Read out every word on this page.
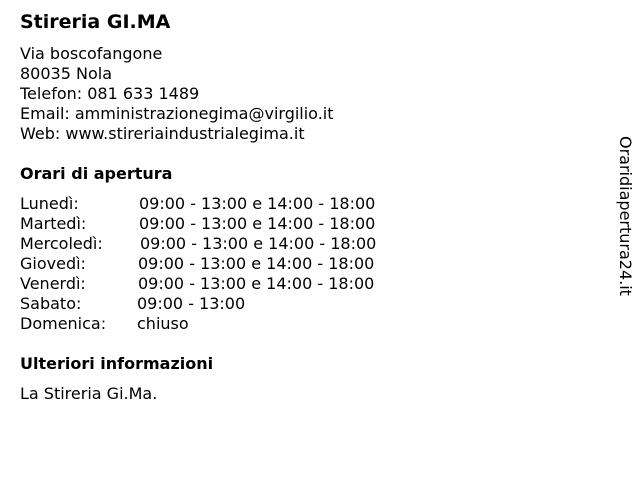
Stireria GI.MA
Via boscofangone
80035 Nola
Telefon: 081 633 1489
Email: amministrazionegima@virgilio.it
Web: www.stireriaindustrialegima.it
Orari di apertura
Lunedì:	09:00 - 13:00 e 14:00 - 18:00
Martedì:	09:00 - 13:00 e 14:00 - 18:00
Mercoledì: 09:00 - 13:00 e 14:00 - 18:00
Giovedì:	09:00 - 13:00 e 14:00 - 18:00
Venerdì:	09:00 - 13:00 e 14:00 - 18:00
Sabato:	09:00 - 13:00
Domenica: chiuso
Ulteriori informazioni
La Stireria Gi.Ma.
Oraridiapertura24.it
